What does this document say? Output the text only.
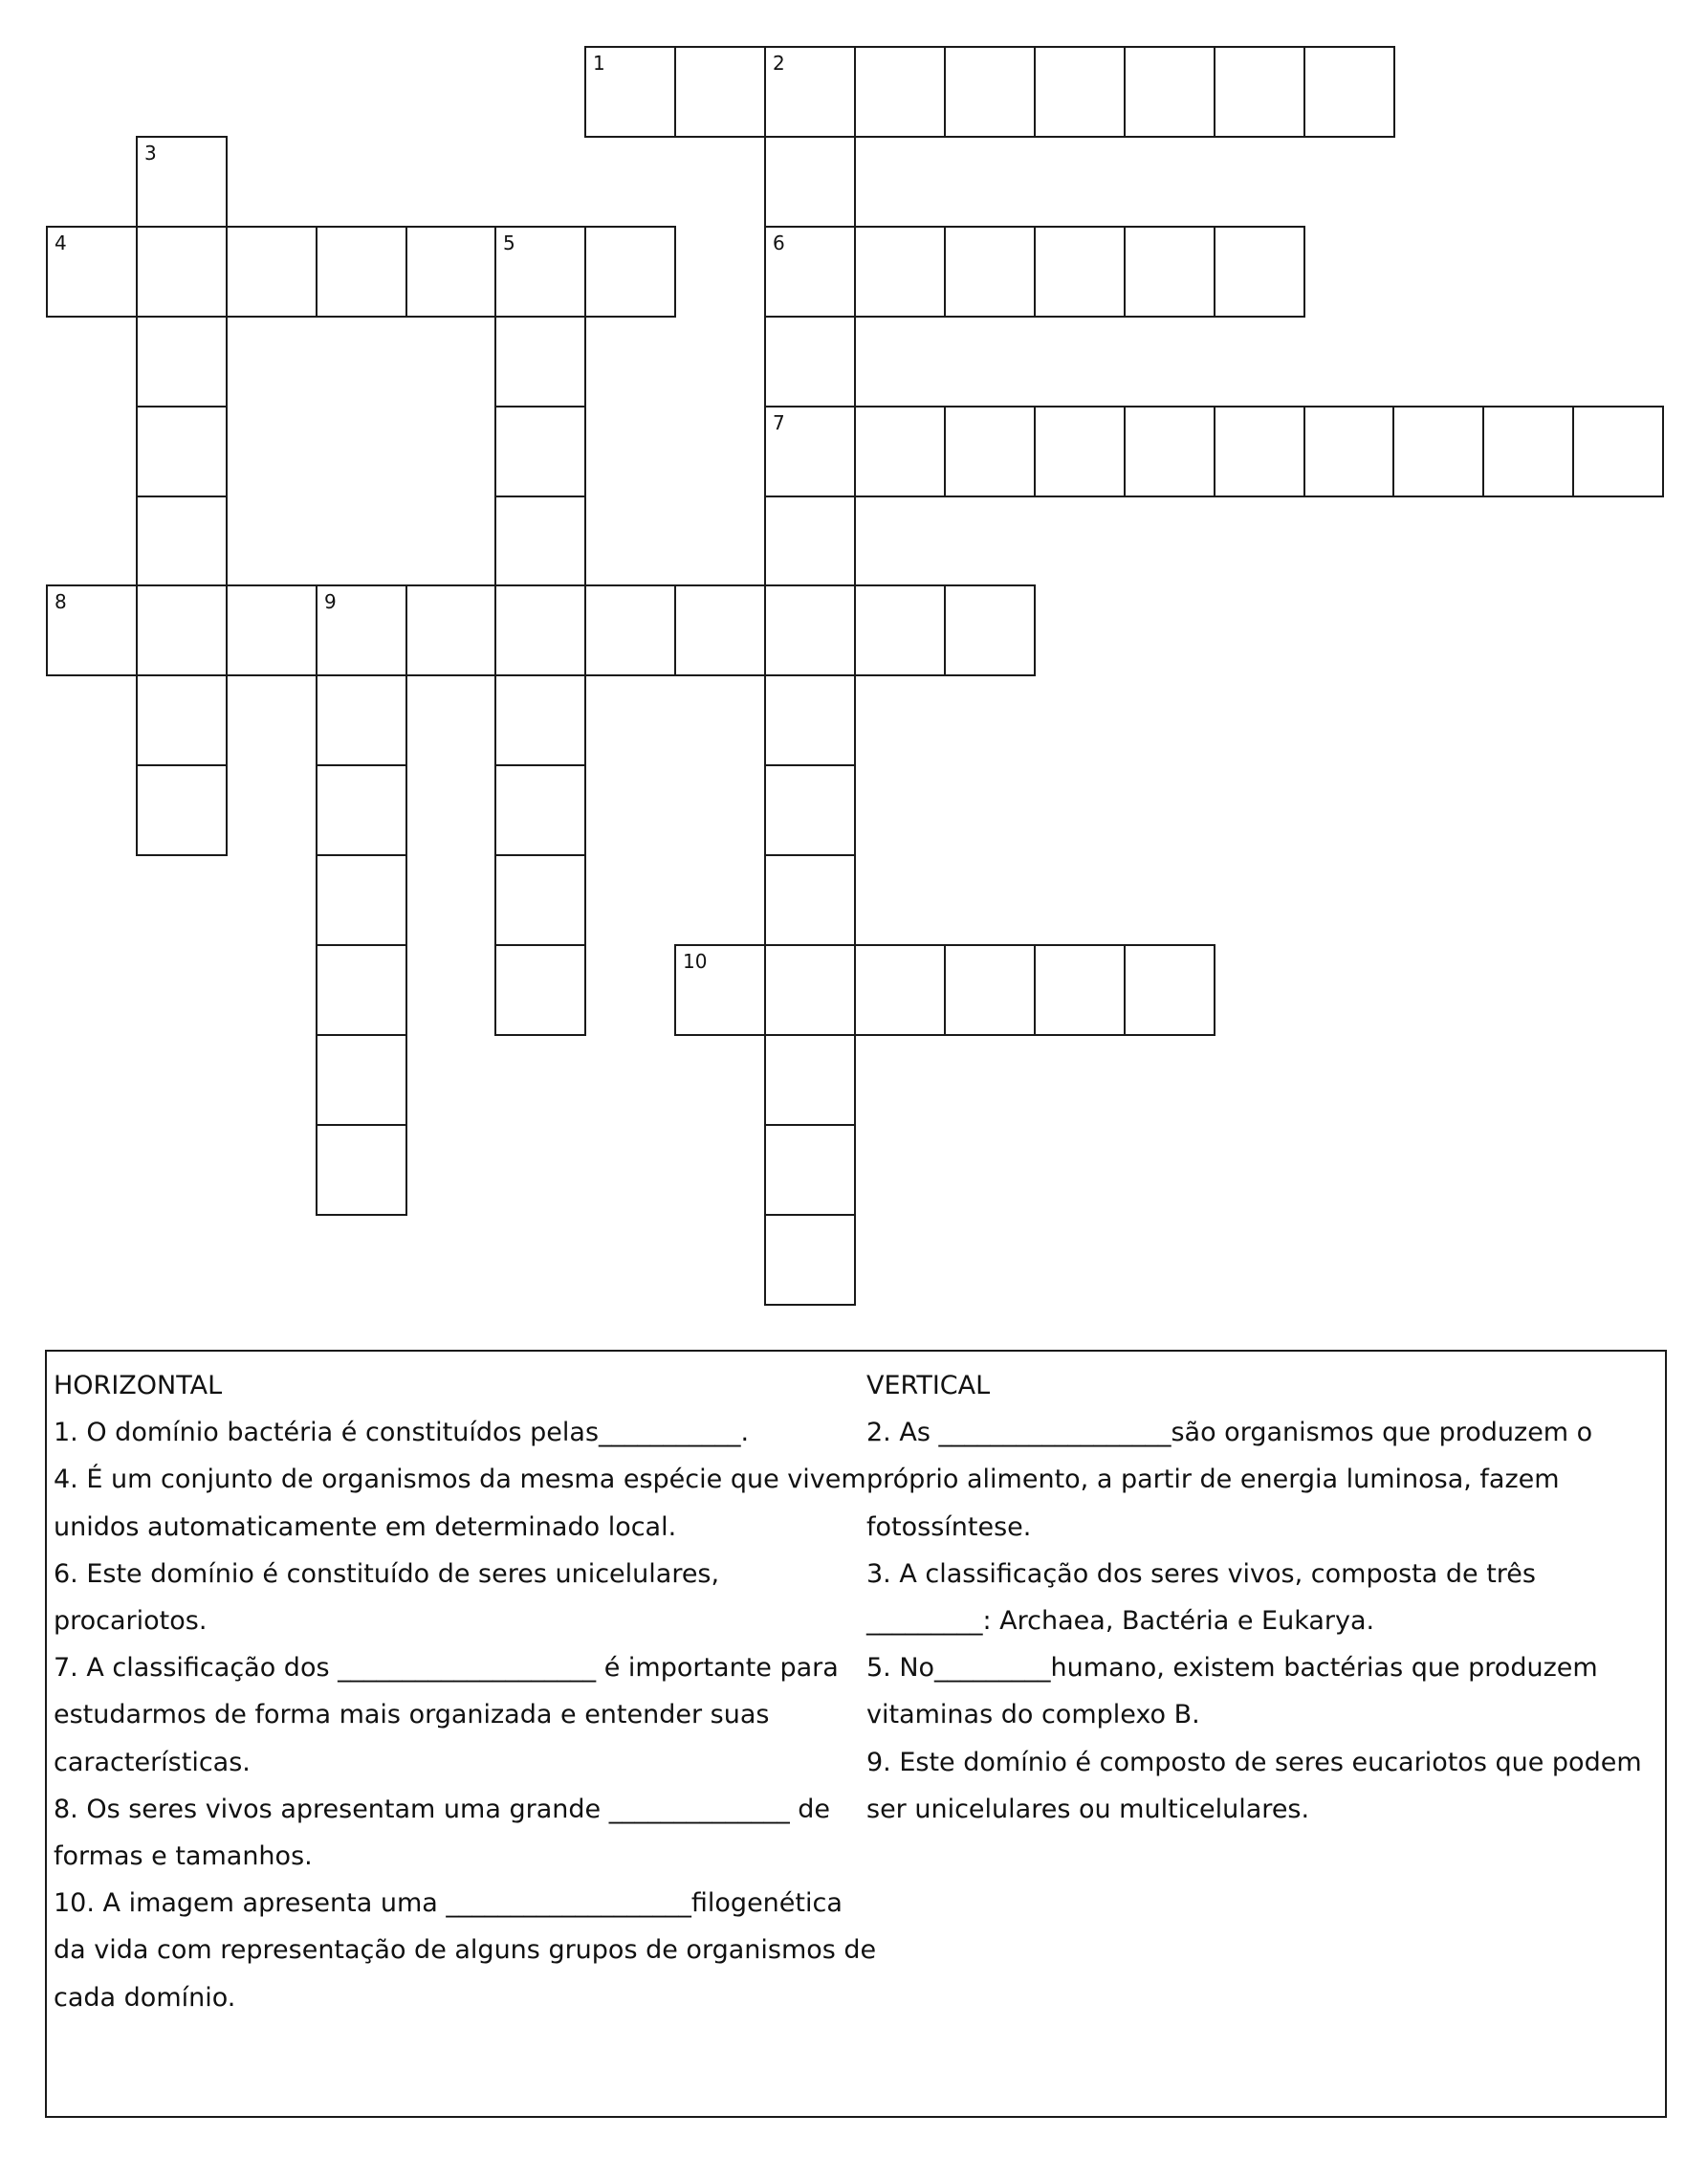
1	2
3
4	5	6
7
8	9
10
HORIZONTAL
1. O domínio bactéria é constituídos pelas___________.
4. É um conjunto de organismos da mesma espécie que vivem unidos automaticamente em determinado local.
6. Este domínio é constituído de seres unicelulares, procariotos.
7. A classificação dos ____________________ é importante para estudarmos de forma mais organizada e entender suas características.
8. Os seres vivos apresentam uma grande ______________ de formas e tamanhos.
10. A imagem apresenta uma ___________________filogenética da vida com representação de alguns grupos de organismos de cada domínio.
VERTICAL
2. As __________________são organismos que produzem o próprio alimento, a partir de energia luminosa, fazem fotossíntese.
3. A classificação dos seres vivos, composta de três _________: Archaea, Bactéria e Eukarya.
5. No_________humano, existem bactérias que produzem vitaminas do complexo B.
9. Este domínio é composto de seres eucariotos que podem ser unicelulares ou multicelulares.
